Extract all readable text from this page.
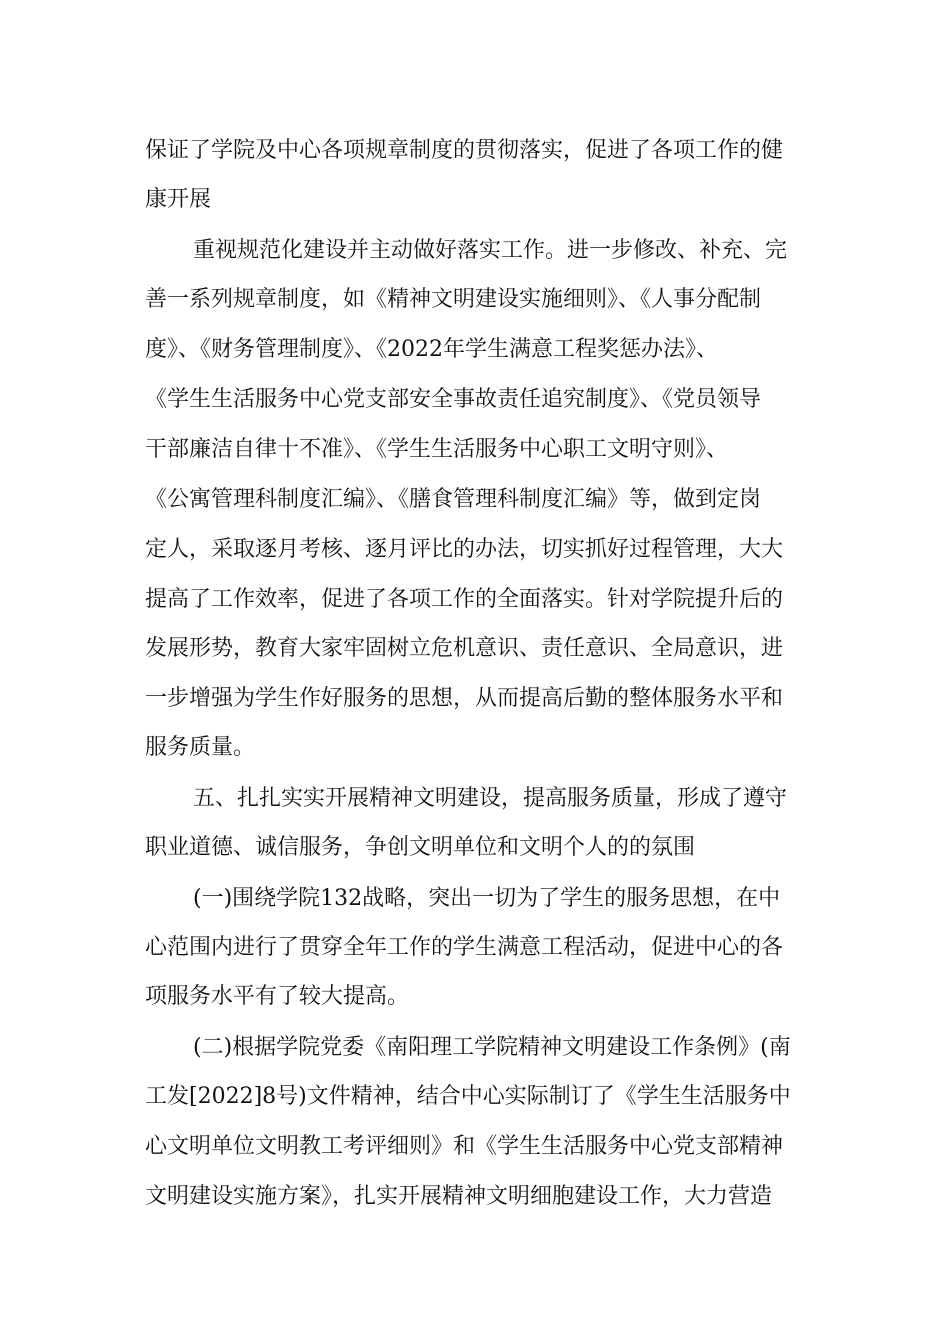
保证了学院及中心各项规章制度的贯彻落实，促进了各项工作的健
康开展
重视规范化建设并主动做好落实工作。进一步修改、补充、完
善一系列规章制度，如《精神文明建设实施细则》、《人事分配制
度》、《财务管理制度》、《2022年学生满意工程奖惩办法》、
《学生生活服务中心党支部安全事故责任追究制度》、《党员领导
干部廉洁自律十不准》、《学生生活服务中心职工文明守则》、
《公寓管理科制度汇编》、《膳食管理科制度汇编》等，做到定岗
定人，采取逐月考核、逐月评比的办法，切实抓好过程管理，大大
提高了工作效率，促进了各项工作的全面落实。针对学院提升后的
发展形势，教育大家牢固树立危机意识、责任意识、全局意识，进
一步增强为学生作好服务的思想，从而提高后勤的整体服务水平和
服务质量。
五、扎扎实实开展精神文明建设，提高服务质量，形成了遵守
职业道德、诚信服务，争创文明单位和文明个人的的氛围
(一)围绕学院132战略，突出一切为了学生的服务思想，在中
心范围内进行了贯穿全年工作的学生满意工程活动，促进中心的各
项服务水平有了较大提高。
(二)根据学院党委《南阳理工学院精神文明建设工作条例》(南
工发[2022]8号)文件精神，结合中心实际制订了《学生生活服务中
心文明单位文明教工考评细则》和《学生生活服务中心党支部精神
文明建设实施方案》，扎实开展精神文明细胞建设工作，大力营造
